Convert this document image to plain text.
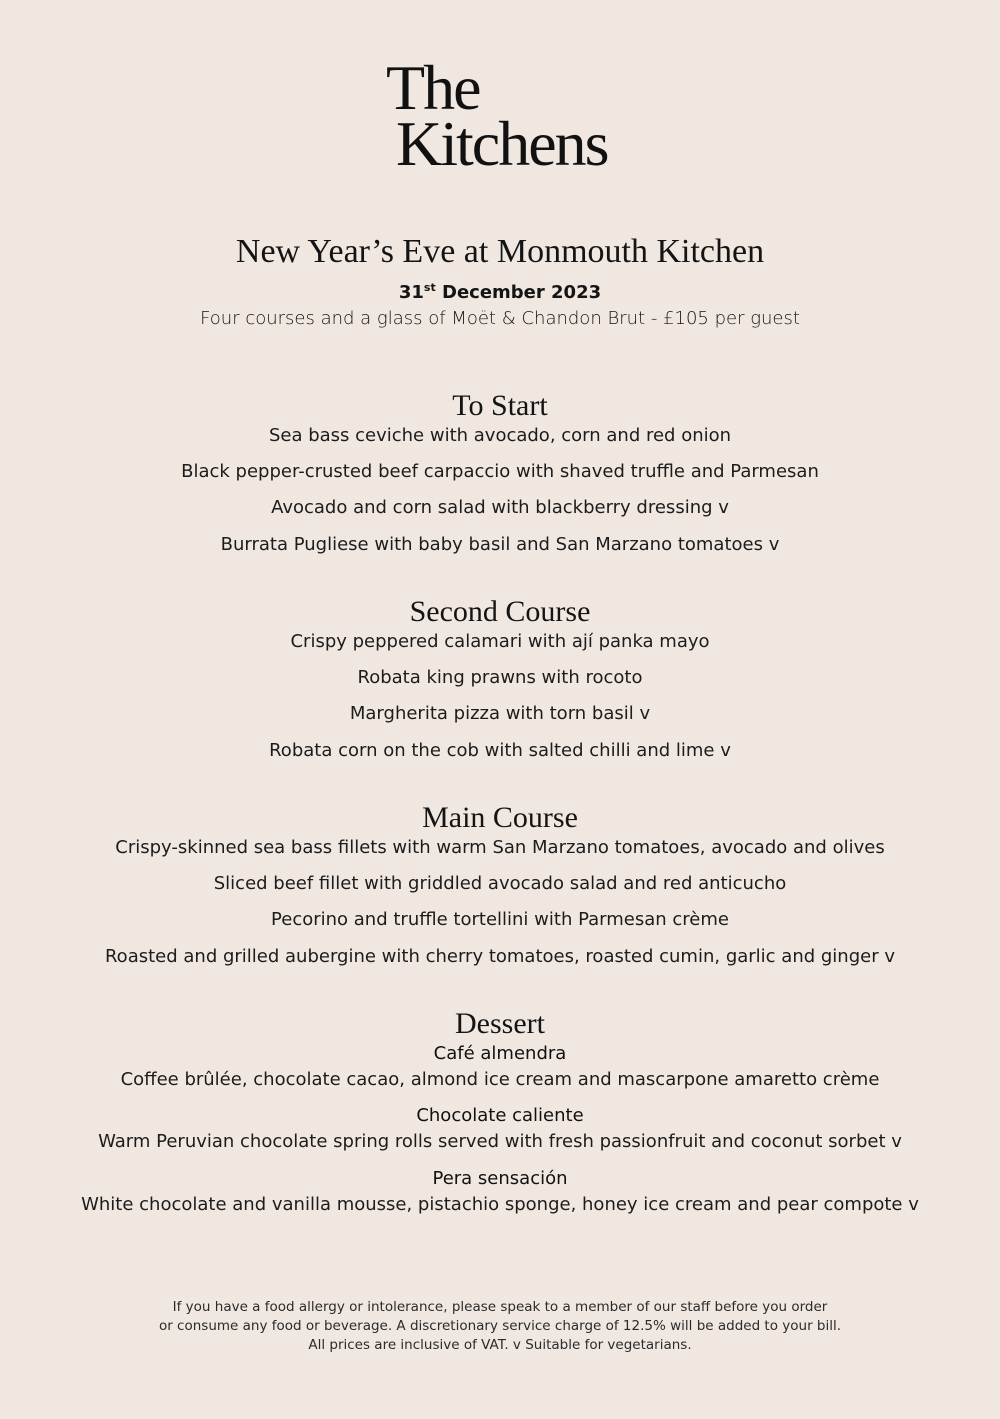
The
Kitchens
New Year’s Eve at Monmouth Kitchen
31st December 2023
Four courses and a glass of Moët & Chandon Brut - £105 per guest
To Start
Sea bass ceviche with avocado, corn and red onion
Black pepper-crusted beef carpaccio with shaved truffle and Parmesan
Avocado and corn salad with blackberry dressing v
Burrata Pugliese with baby basil and San Marzano tomatoes v
Second Course
Crispy peppered calamari with ají panka mayo
Robata king prawns with rocoto
Margherita pizza with torn basil v
Robata corn on the cob with salted chilli and lime v
Main Course
Crispy-skinned sea bass fillets with warm San Marzano tomatoes, avocado and olives
Sliced beef fillet with griddled avocado salad and red anticucho
Pecorino and truffle tortellini with Parmesan crème
Roasted and grilled aubergine with cherry tomatoes, roasted cumin, garlic and ginger v
Dessert
Café almendra
Coffee brûlée, chocolate cacao, almond ice cream and mascarpone amaretto crème
Chocolate caliente
Warm Peruvian chocolate spring rolls served with fresh passionfruit and coconut sorbet v
Pera sensación
White chocolate and vanilla mousse, pistachio sponge, honey ice cream and pear compote v
If you have a food allergy or intolerance, please speak to a member of our staff before you order
or consume any food or beverage. A discretionary service charge of 12.5% will be added to your bill.
All prices are inclusive of VAT. v Suitable for vegetarians.
